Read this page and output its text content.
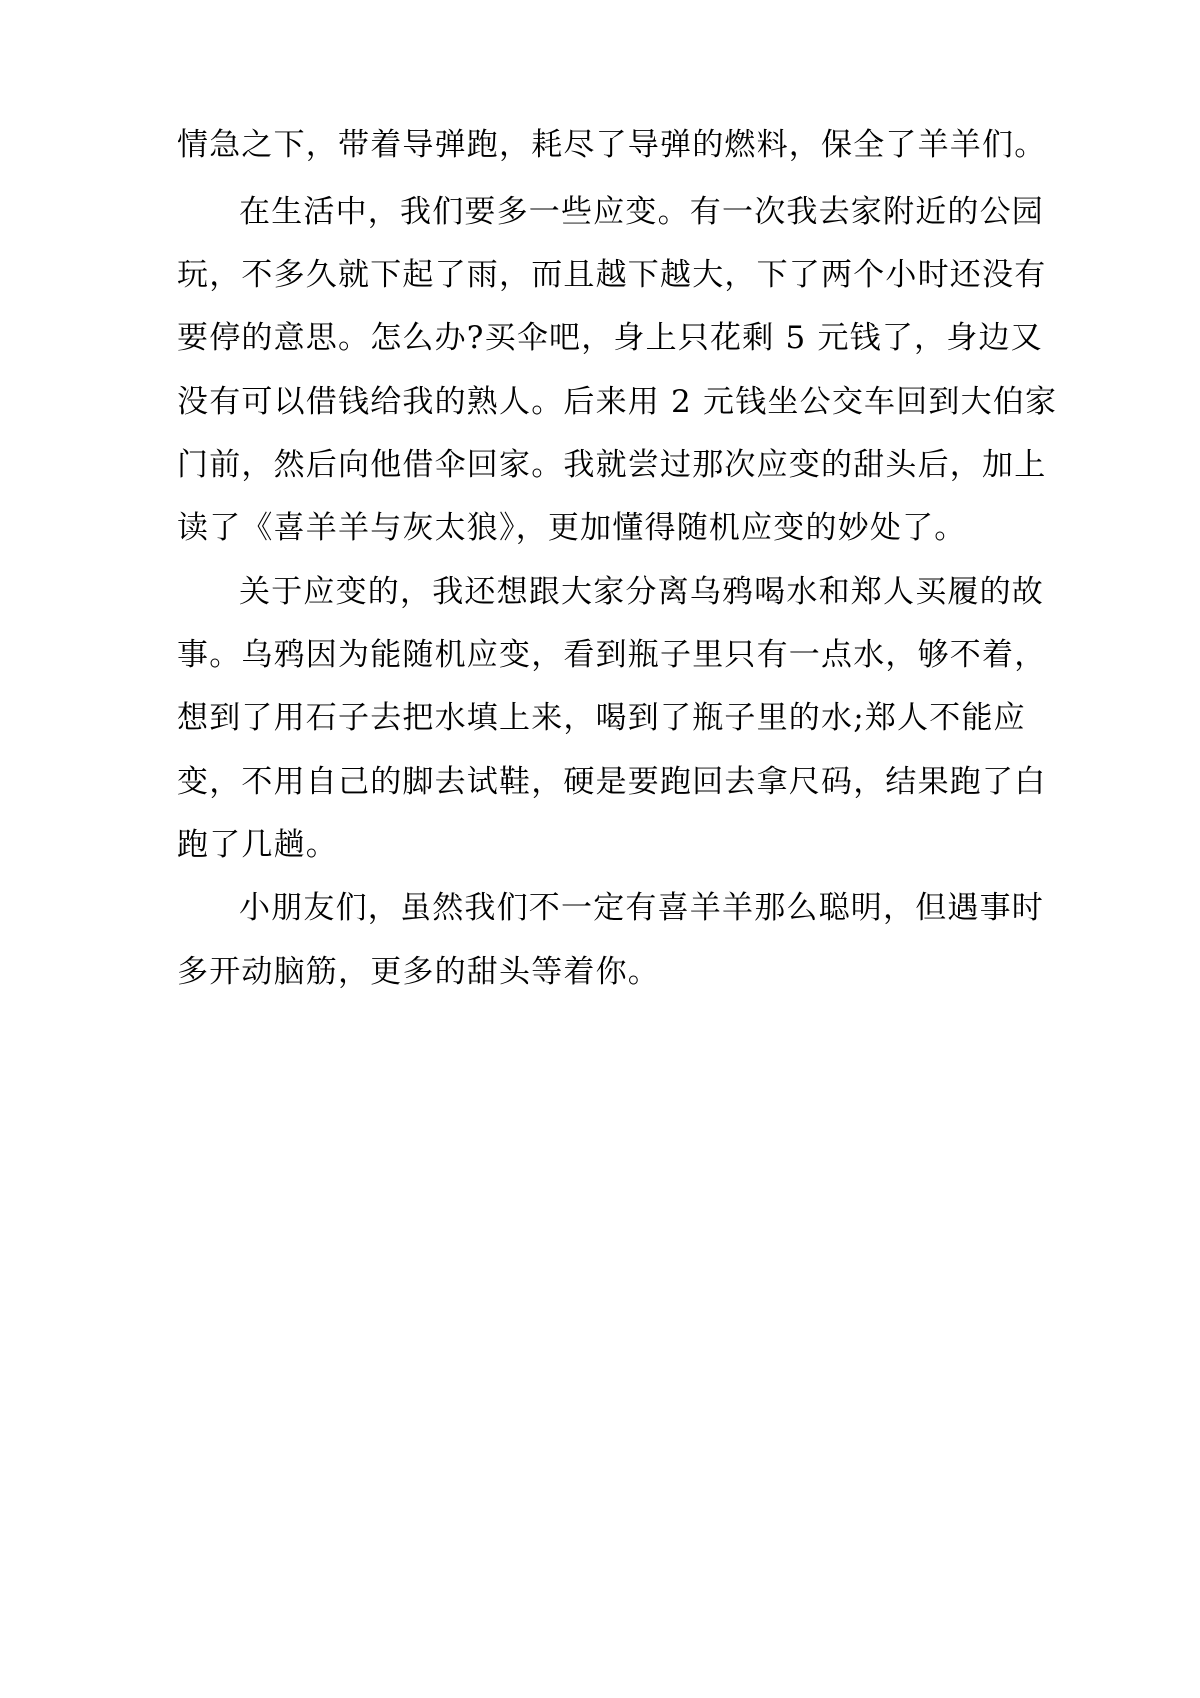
情急之下，带着导弹跑，耗尽了导弹的燃料，保全了羊羊们。
在生活中，我们要多一些应变。有一次我去家附近的公园
玩，不多久就下起了雨，而且越下越大，下了两个小时还没有
要停的意思。怎么办?买伞吧，身上只花剩 5 元钱了，身边又
没有可以借钱给我的熟人。后来用 2 元钱坐公交车回到大伯家
门前，然后向他借伞回家。我就尝过那次应变的甜头后，加上
读了《喜羊羊与灰太狼》，更加懂得随机应变的妙处了。
关于应变的，我还想跟大家分离乌鸦喝水和郑人买履的故
事。乌鸦因为能随机应变，看到瓶子里只有一点水，够不着，
想到了用石子去把水填上来，喝到了瓶子里的水;郑人不能应
变，不用自己的脚去试鞋，硬是要跑回去拿尺码，结果跑了白
跑了几趟。
小朋友们，虽然我们不一定有喜羊羊那么聪明，但遇事时
多开动脑筋，更多的甜头等着你。
